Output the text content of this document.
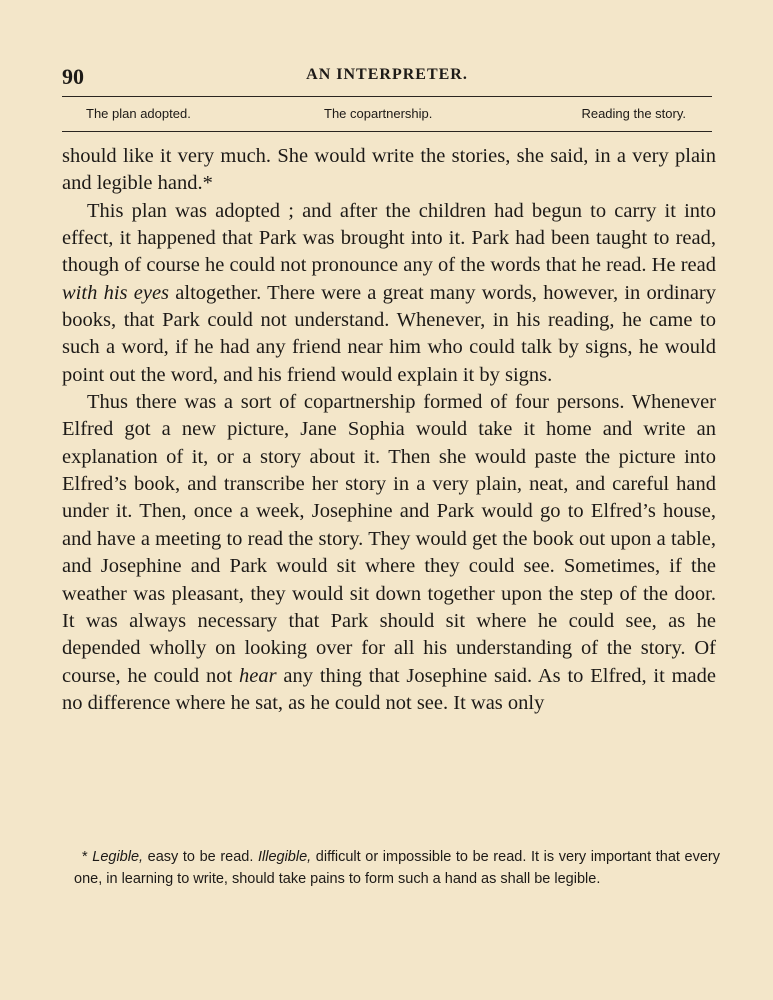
90	AN INTERPRETER.
The plan adopted.	The copartnership.	Reading the story.

should like it very much. She would write the stories, she said, in a very plain and legible hand.*

This plan was adopted ; and after the children had begun to carry it into effect, it happened that Park was brought into it. Park had been taught to read, though of course he could not pronounce any of the words that he read. He read with his eyes altogether. There were a great many words, however, in ordinary books, that Park could not understand. Whenever, in his reading, he came to such a word, if he had any friend near him who could talk by signs, he would point out the word, and his friend would explain it by signs.

Thus there was a sort of copartnership formed of four persons. Whenever Elfred got a new picture, Jane Sophia would take it home and write an explanation of it, or a story about it. Then she would paste the picture into Elfred’s book, and transcribe her story in a very plain, neat, and careful hand under it. Then, once a week, Josephine and Park would go to Elfred’s house, and have a meeting to read the story. They would get the book out upon a table, and Josephine and Park would sit where they could see. Sometimes, if the weather was pleasant, they would sit down together upon the step of the door. It was always necessary that Park should sit where he could see, as he depended wholly on looking over for all his understanding of the story. Of course, he could not hear any thing that Josephine said. As to Elfred, it made no difference where he sat, as he could not see. It was only

* Legible, easy to be read. Illegible, difficult or impossible to be read. It is very important that every one, in learning to write, should take pains to form such a hand as shall be legible.
